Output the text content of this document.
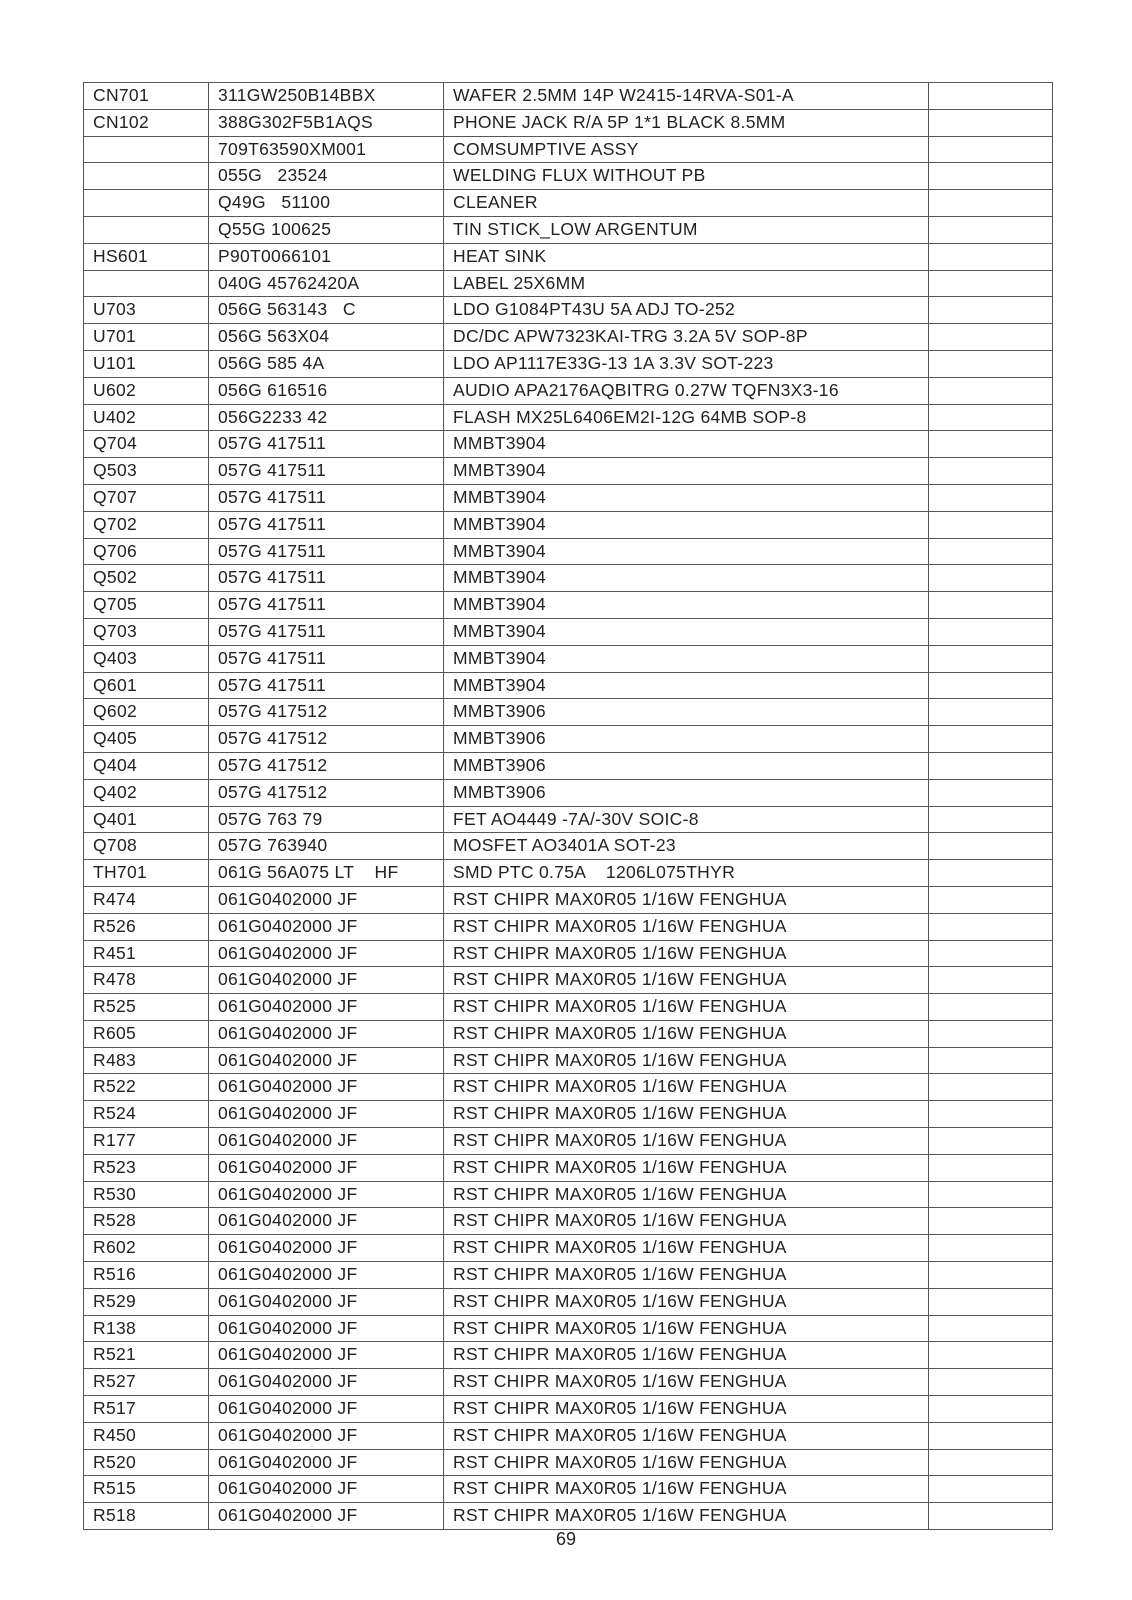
CN701	311GW250B14BBX	WAFER 2.5MM 14P W2415-14RVA-S01-A	
CN102	388G302F5B1AQS	PHONE JACK R/A 5P 1*1 BLACK 8.5MM	
	709T63590XM001	COMSUMPTIVE ASSY	
	055G   23524	WELDING FLUX WITHOUT PB	
	Q49G   51100	CLEANER	
	Q55G 100625	TIN STICK_LOW ARGENTUM	
HS601	P90T0066101	HEAT SINK	
	040G 45762420A	LABEL 25X6MM	
U703	056G 563143   C	LDO G1084PT43U 5A ADJ TO-252	
U701	056G 563X04	DC/DC APW7323KAI-TRG 3.2A 5V SOP-8P	
U101	056G 585 4A	LDO AP1117E33G-13 1A 3.3V SOT-223	
U602	056G 616516	AUDIO APA2176AQBITRG 0.27W TQFN3X3-16	
U402	056G2233 42	FLASH MX25L6406EM2I-12G 64MB SOP-8	
Q704	057G 417511	MMBT3904	
Q503	057G 417511	MMBT3904	
Q707	057G 417511	MMBT3904	
Q702	057G 417511	MMBT3904	
Q706	057G 417511	MMBT3904	
Q502	057G 417511	MMBT3904	
Q705	057G 417511	MMBT3904	
Q703	057G 417511	MMBT3904	
Q403	057G 417511	MMBT3904	
Q601	057G 417511	MMBT3904	
Q602	057G 417512	MMBT3906	
Q405	057G 417512	MMBT3906	
Q404	057G 417512	MMBT3906	
Q402	057G 417512	MMBT3906	
Q401	057G 763 79	FET AO4449 -7A/-30V SOIC-8	
Q708	057G 763940	MOSFET AO3401A SOT-23	
TH701	061G 56A075 LT    HF	SMD PTC 0.75A    1206L075THYR	
R474	061G0402000 JF	RST CHIPR MAX0R05 1/16W FENGHUA	
R526	061G0402000 JF	RST CHIPR MAX0R05 1/16W FENGHUA	
R451	061G0402000 JF	RST CHIPR MAX0R05 1/16W FENGHUA	
R478	061G0402000 JF	RST CHIPR MAX0R05 1/16W FENGHUA	
R525	061G0402000 JF	RST CHIPR MAX0R05 1/16W FENGHUA	
R605	061G0402000 JF	RST CHIPR MAX0R05 1/16W FENGHUA	
R483	061G0402000 JF	RST CHIPR MAX0R05 1/16W FENGHUA	
R522	061G0402000 JF	RST CHIPR MAX0R05 1/16W FENGHUA	
R524	061G0402000 JF	RST CHIPR MAX0R05 1/16W FENGHUA	
R177	061G0402000 JF	RST CHIPR MAX0R05 1/16W FENGHUA	
R523	061G0402000 JF	RST CHIPR MAX0R05 1/16W FENGHUA	
R530	061G0402000 JF	RST CHIPR MAX0R05 1/16W FENGHUA	
R528	061G0402000 JF	RST CHIPR MAX0R05 1/16W FENGHUA	
R602	061G0402000 JF	RST CHIPR MAX0R05 1/16W FENGHUA	
R516	061G0402000 JF	RST CHIPR MAX0R05 1/16W FENGHUA	
R529	061G0402000 JF	RST CHIPR MAX0R05 1/16W FENGHUA	
R138	061G0402000 JF	RST CHIPR MAX0R05 1/16W FENGHUA	
R521	061G0402000 JF	RST CHIPR MAX0R05 1/16W FENGHUA	
R527	061G0402000 JF	RST CHIPR MAX0R05 1/16W FENGHUA	
R517	061G0402000 JF	RST CHIPR MAX0R05 1/16W FENGHUA	
R450	061G0402000 JF	RST CHIPR MAX0R05 1/16W FENGHUA	
R520	061G0402000 JF	RST CHIPR MAX0R05 1/16W FENGHUA	
R515	061G0402000 JF	RST CHIPR MAX0R05 1/16W FENGHUA	
R518	061G0402000 JF	RST CHIPR MAX0R05 1/16W FENGHUA	
69
